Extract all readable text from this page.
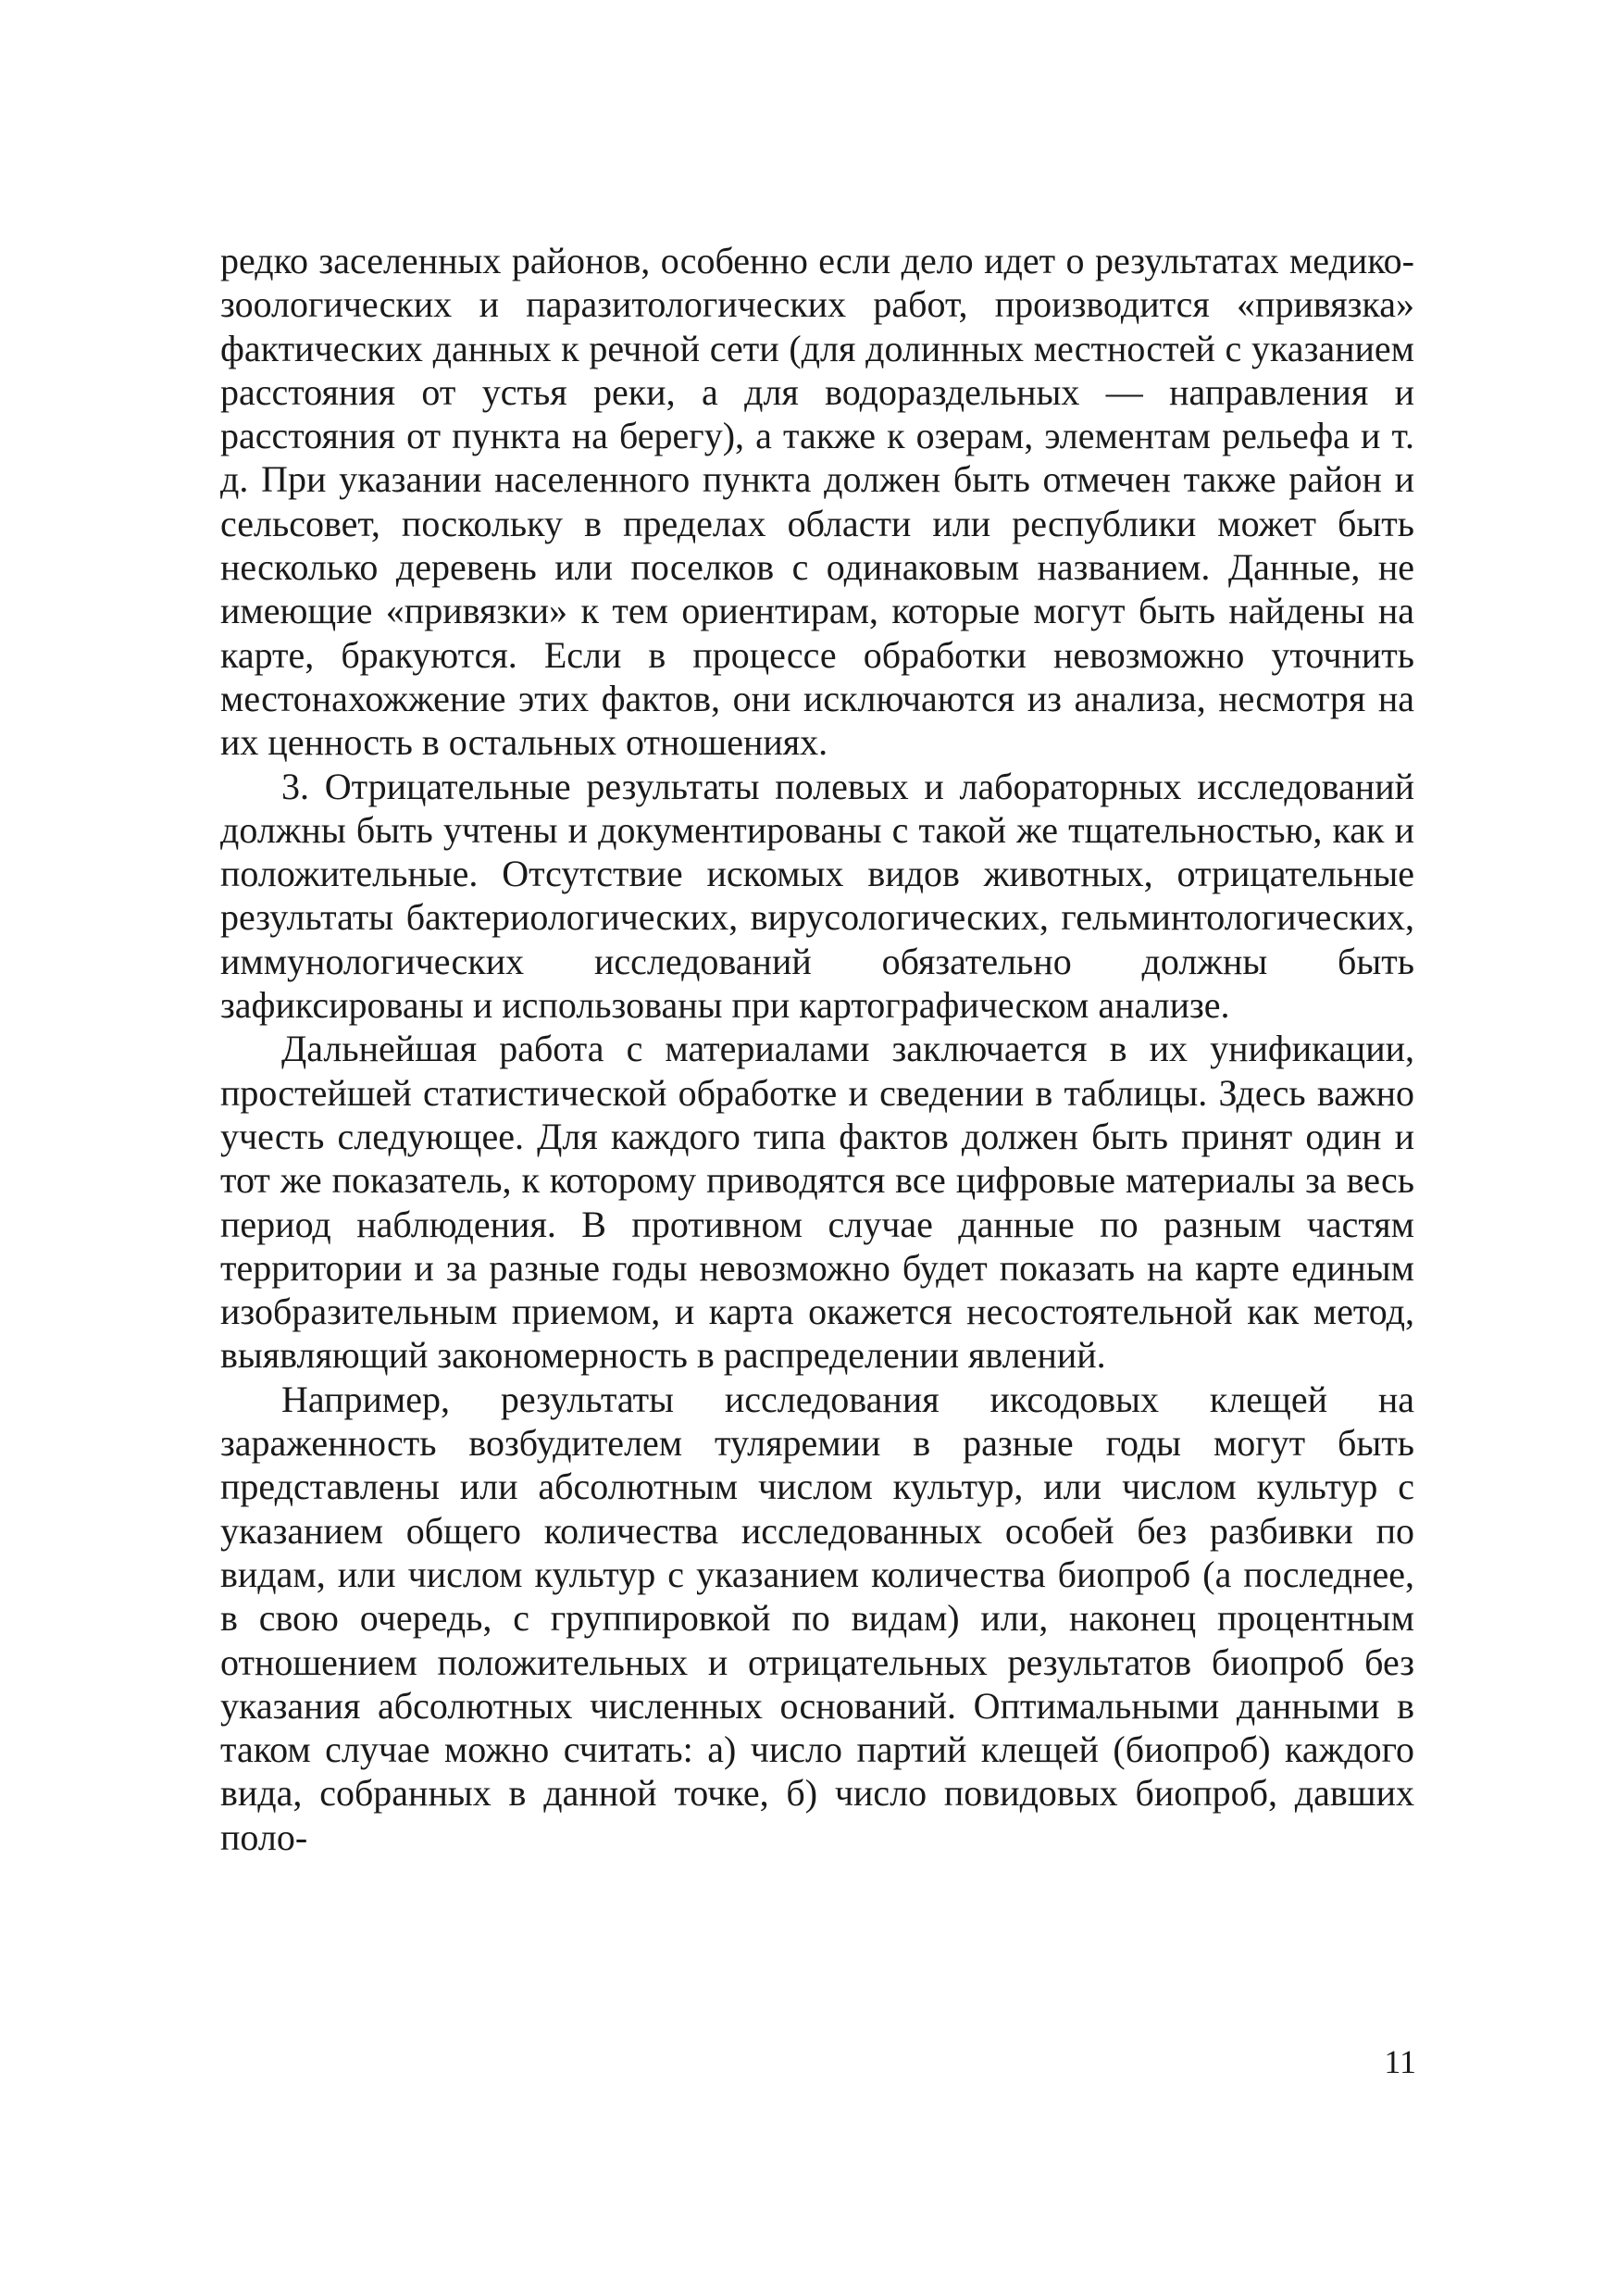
редко заселенных районов, особенно если дело идет о результатах медико-зоологических и паразитологических работ, производится «привязка» фактических данных к речной сети (для долинных местностей с указанием расстояния от устья реки, а для водораздельных — направления и расстояния от пункта на берегу), а также к озерам, элементам рельефа и т. д. При указании населенного пункта должен быть отмечен также район и сельсовет, поскольку в пределах области или республики может быть несколько деревень или поселков с одинаковым названием. Данные, не имеющие «привязки» к тем ориентирам, которые могут быть найдены на карте, бракуются. Если в процессе обработки невозможно уточнить местонахожжение этих фактов, они исключаются из анализа, несмотря на их ценность в остальных отношениях.

3. Отрицательные результаты полевых и лабораторных исследований должны быть учтены и документированы с такой же тщательностью, как и положительные. Отсутствие искомых видов животных, отрицательные результаты бактериологических, вирусологических, гельминтологических, иммунологических исследований обязательно должны быть зафиксированы и использованы при картографическом анализе.

Дальнейшая работа с материалами заключается в их унификации, простейшей статистической обработке и сведении в таблицы. Здесь важно учесть следующее. Для каждого типа фактов должен быть принят один и тот же показатель, к которому приводятся все цифровые материалы за весь период наблюдения. В противном случае данные по разным частям территории и за разные годы невозможно будет показать на карте единым изобразительным приемом, и карта окажется несостоятельной как метод, выявляющий закономерность в распределении явлений.

Например, результаты исследования иксодовых клещей на зараженность возбудителем туляремии в разные годы могут быть представлены или абсолютным числом культур, или числом культур с указанием общего количества исследованных особей без разбивки по видам, или числом культур с указанием количества биопроб (а последнее, в свою очередь, с группировкой по видам) или, наконец процентным отношением положительных и отрицательных результатов биопроб без указания абсолютных численных оснований. Оптимальными данными в таком случае можно считать: а) число партий клещей (биопроб) каждого вида, собранных в данной точке, б) число повидовых биопроб, давших поло-

11
